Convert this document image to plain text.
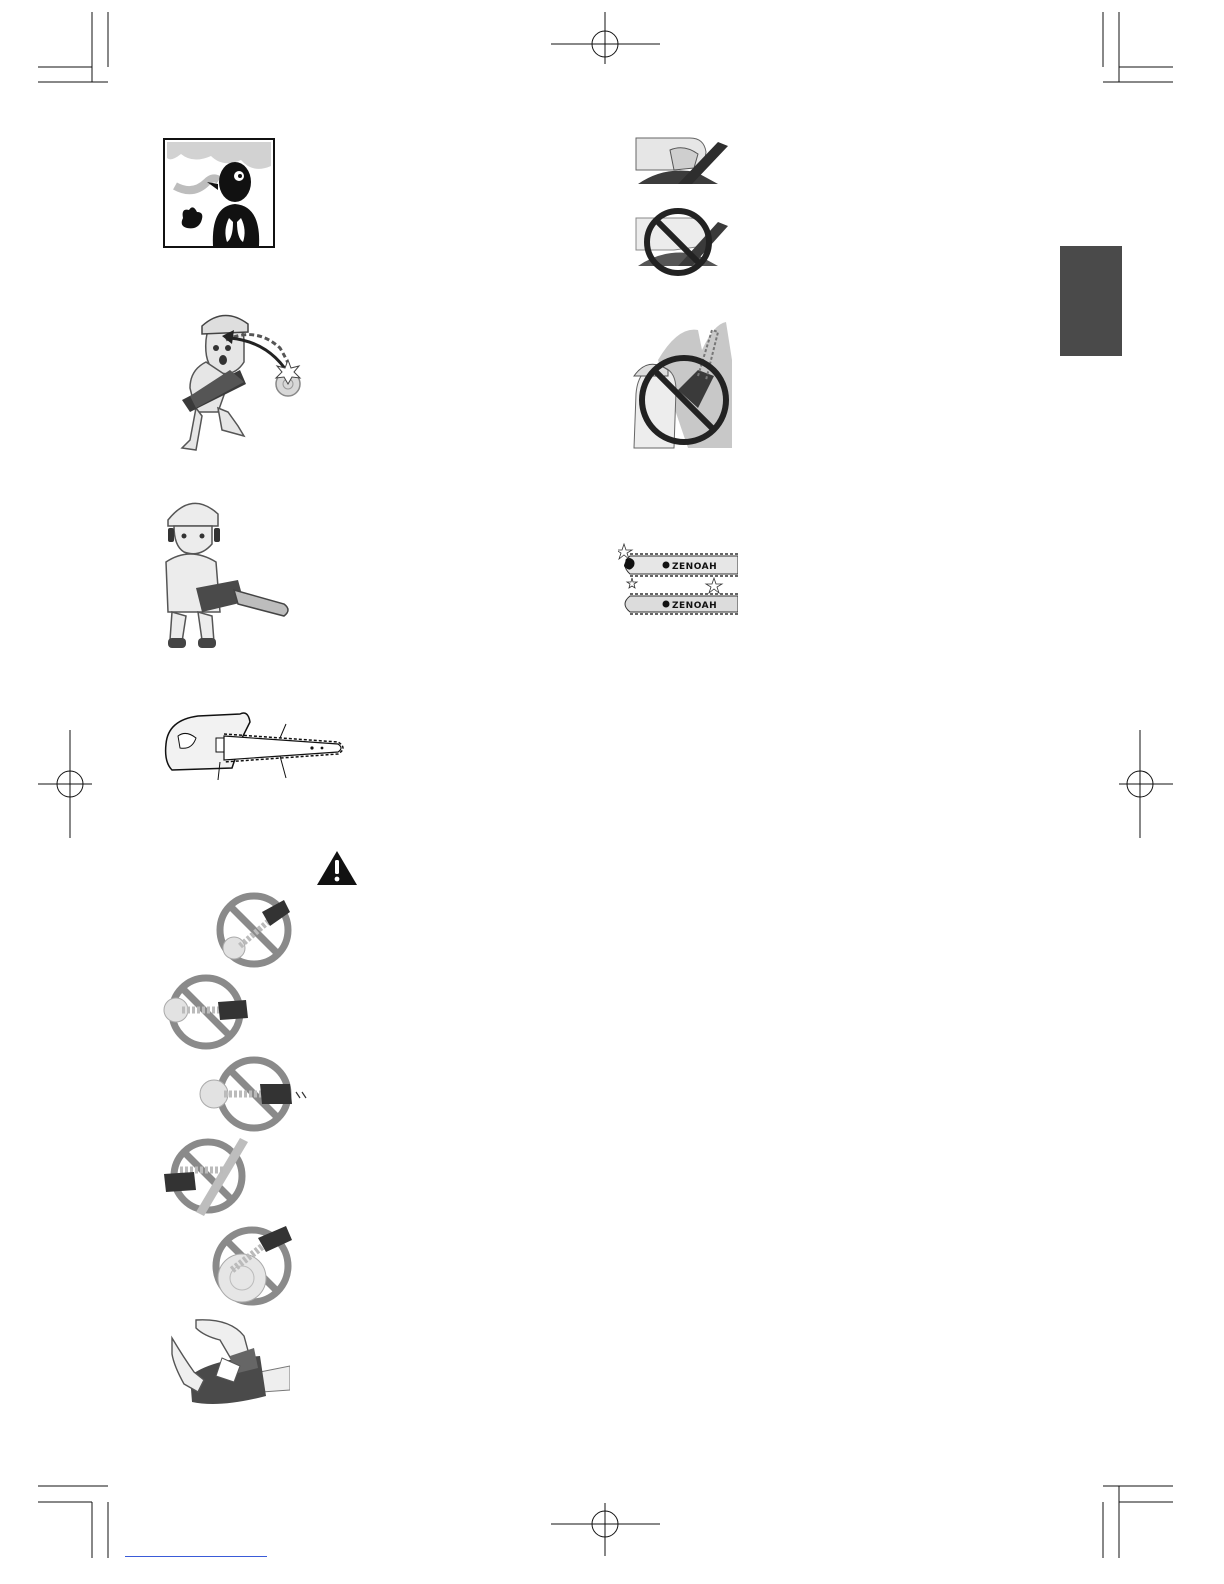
ZENOAH
ZENOAH
